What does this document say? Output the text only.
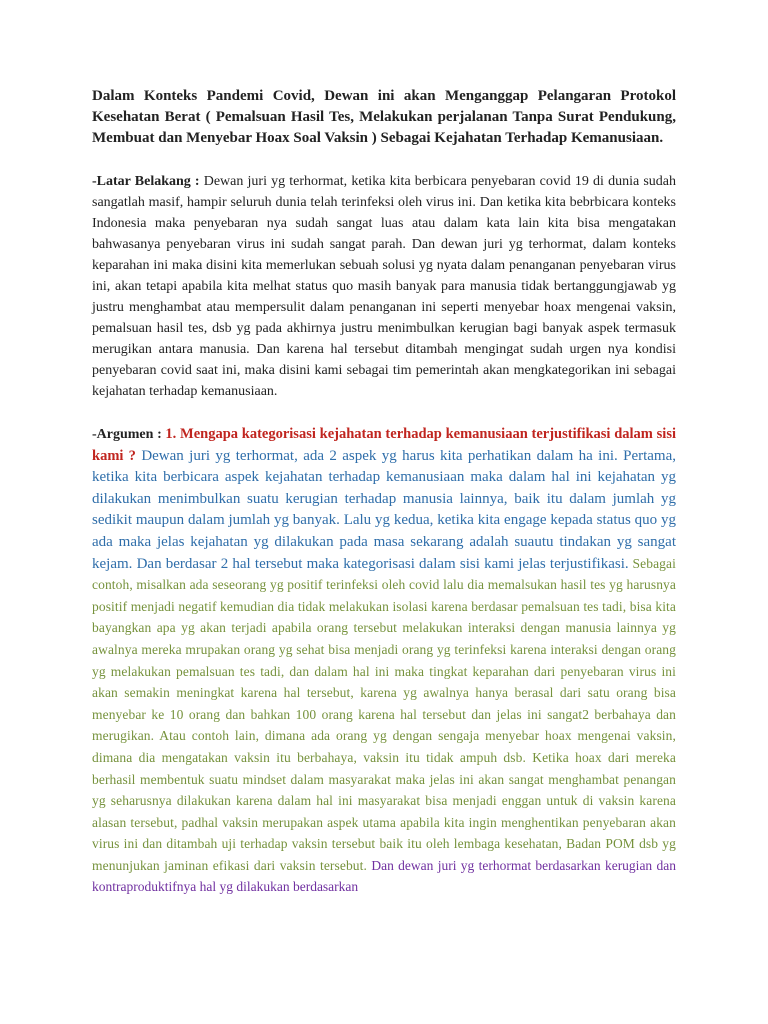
Dalam Konteks Pandemi Covid, Dewan ini akan Menganggap Pelangaran Protokol Kesehatan Berat ( Pemalsuan Hasil Tes, Melakukan perjalanan Tanpa Surat Pendukung, Membuat dan Menyebar Hoax Soal Vaksin ) Sebagai Kejahatan Terhadap Kemanusiaan.

-Latar Belakang : Dewan juri yg terhormat, ketika kita berbicara penyebaran covid 19 di dunia sudah sangatlah masif, hampir seluruh dunia telah terinfeksi oleh virus ini. Dan ketika kita bebrbicara konteks Indonesia maka penyebaran nya sudah sangat luas atau dalam kata lain kita bisa mengatakan bahwasanya penyebaran virus ini sudah sangat parah. Dan dewan juri yg terhormat, dalam konteks keparahan ini maka disini kita memerlukan sebuah solusi yg nyata dalam penanganan penyebaran virus ini, akan tetapi apabila kita melhat status quo masih banyak para manusia tidak bertanggungjawab yg justru menghambat atau mempersulit dalam penanganan ini seperti menyebar hoax mengenai vaksin, pemalsuan hasil tes, dsb yg pada akhirnya justru menimbulkan kerugian bagi banyak aspek termasuk merugikan antara manusia. Dan karena hal tersebut ditambah mengingat sudah urgen nya kondisi penyebaran covid saat ini, maka disini kami sebagai tim pemerintah akan mengkategorikan ini sebagai kejahatan terhadap kemanusiaan.

-Argumen : 1. Mengapa kategorisasi kejahatan terhadap kemanusiaan terjustifikasi dalam sisi kami ? Dewan juri yg terhormat, ada 2 aspek yg harus kita perhatikan dalam ha ini. Pertama, ketika kita berbicara aspek kejahatan terhadap kemanusiaan maka dalam hal ini kejahatan yg dilakukan menimbulkan suatu kerugian terhadap manusia lainnya, baik itu dalam jumlah yg sedikit maupun dalam jumlah yg banyak. Lalu yg kedua, ketika kita engage kepada status quo yg ada maka jelas kejahatan yg dilakukan pada masa sekarang adalah suautu tindakan yg sangat kejam. Dan berdasar 2 hal tersebut maka kategorisasi dalam sisi kami jelas terjustifikasi. Sebagai contoh, misalkan ada seseorang yg positif terinfeksi oleh covid lalu dia memalsukan hasil tes yg harusnya positif menjadi negatif kemudian dia tidak melakukan isolasi karena berdasar pemalsuan tes tadi, bisa kita bayangkan apa yg akan terjadi apabila orang tersebut melakukan interaksi dengan manusia lainnya yg awalnya mereka mrupakan orang yg sehat bisa menjadi orang yg terinfeksi karena interaksi dengan orang yg melakukan pemalsuan tes tadi, dan dalam hal ini maka tingkat keparahan dari penyebaran virus ini akan semakin meningkat karena hal tersebut, karena yg awalnya hanya berasal dari satu orang bisa menyebar ke 10 orang dan bahkan 100 orang karena hal tersebut dan jelas ini sangat2 berbahaya dan merugikan. Atau contoh lain, dimana ada orang yg dengan sengaja menyebar hoax mengenai vaksin, dimana dia mengatakan vaksin itu berbahaya, vaksin itu tidak ampuh dsb. Ketika hoax dari mereka berhasil membentuk suatu mindset dalam masyarakat maka jelas ini akan sangat menghambat penangan yg seharusnya dilakukan karena dalam hal ini masyarakat bisa menjadi enggan untuk di vaksin karena alasan tersebut, padhal vaksin merupakan aspek utama apabila kita ingin menghentikan penyebaran akan virus ini dan ditambah uji terhadap vaksin tersebut baik itu oleh lembaga kesehatan, Badan POM dsb yg menunjukan jaminan efikasi dari vaksin tersebut. Dan dewan juri yg terhormat berdasarkan kerugian dan kontraproduktifnya hal yg dilakukan berdasarkan
